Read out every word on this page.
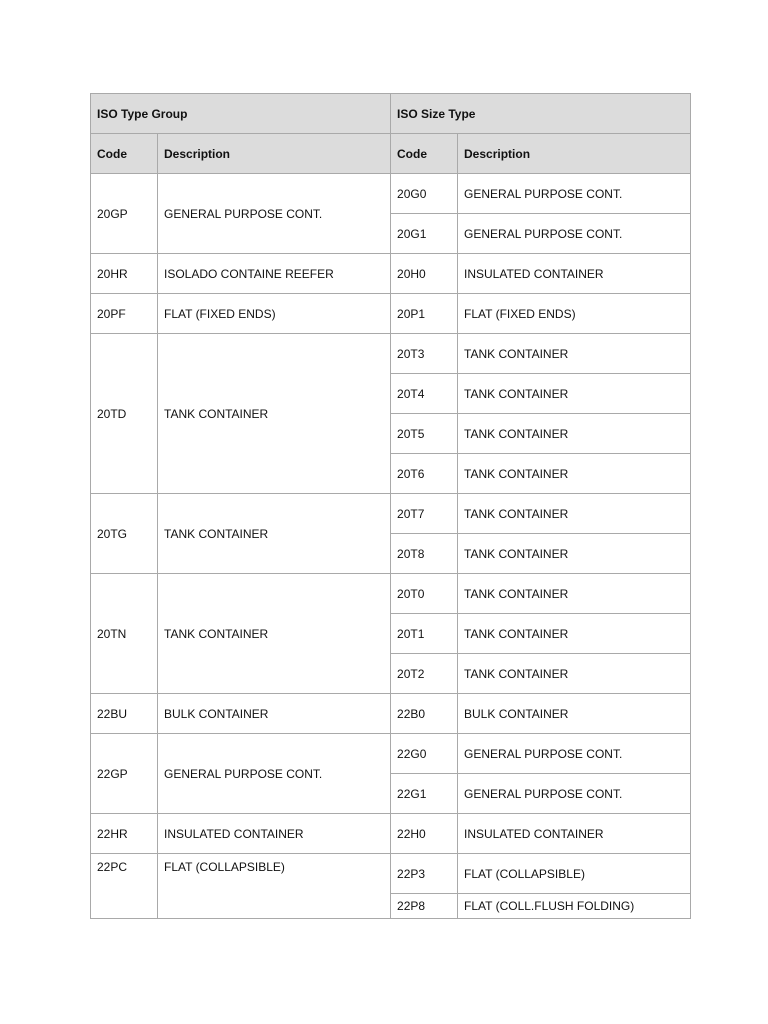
ISO Type Group		ISO Size Type	
Code	Description	Code	Description
20GP	GENERAL PURPOSE CONT.	20G0	GENERAL PURPOSE CONT.
		20G1	GENERAL PURPOSE CONT.
20HR	ISOLADO CONTAINE REEFER	20H0	INSULATED CONTAINER
20PF	FLAT (FIXED ENDS)	20P1	FLAT (FIXED ENDS)
20TD	TANK CONTAINER	20T3	TANK CONTAINER
		20T4	TANK CONTAINER
		20T5	TANK CONTAINER
		20T6	TANK CONTAINER
20TG	TANK CONTAINER	20T7	TANK CONTAINER
		20T8	TANK CONTAINER
20TN	TANK CONTAINER	20T0	TANK CONTAINER
		20T1	TANK CONTAINER
		20T2	TANK CONTAINER
22BU	BULK CONTAINER	22B0	BULK CONTAINER
22GP	GENERAL PURPOSE CONT.	22G0	GENERAL PURPOSE CONT.
		22G1	GENERAL PURPOSE CONT.
22HR	INSULATED CONTAINER	22H0	INSULATED CONTAINER
22PC	FLAT (COLLAPSIBLE)	22P3	FLAT (COLLAPSIBLE)
		22P8	FLAT (COLL.FLUSH FOLDING)
